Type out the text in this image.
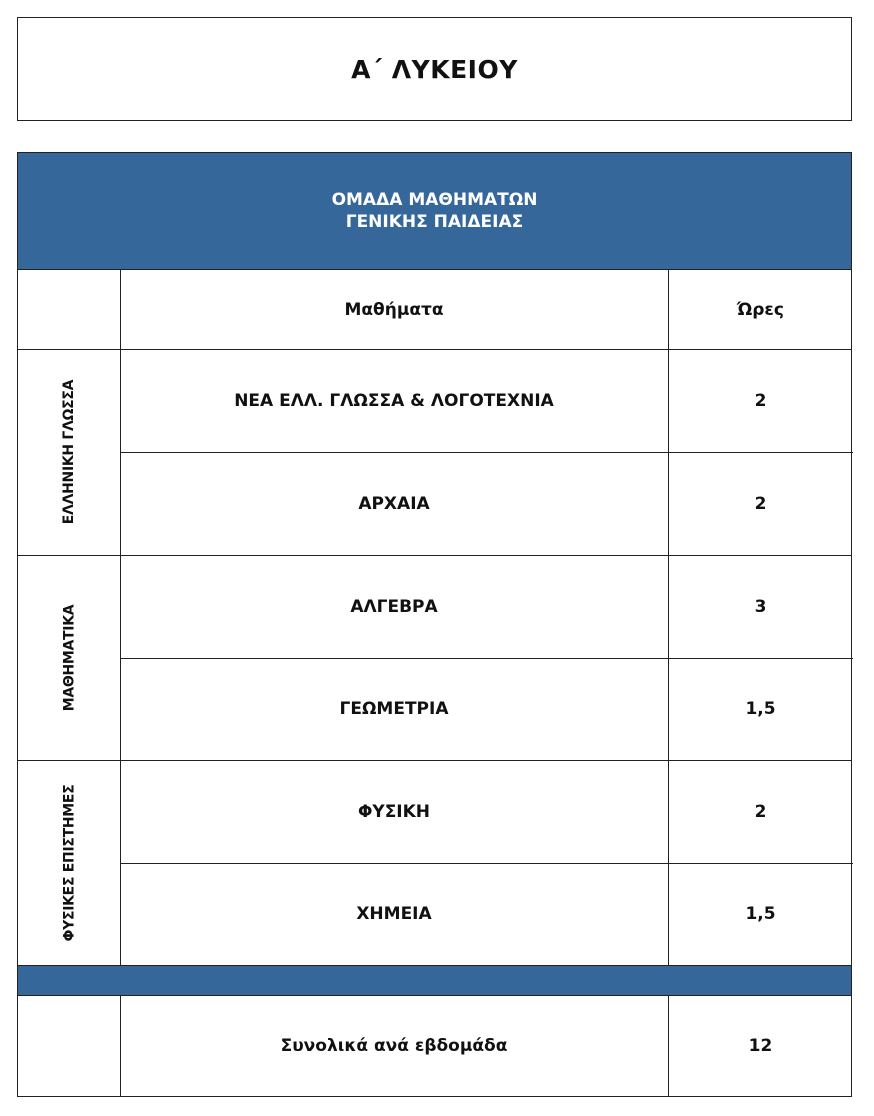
Α΄ ΛΥΚΕΙΟΥ
ΟΜΑΔΑ ΜΑΘΗΜΑΤΩΝ
ΓΕΝΙΚΗΣ ΠΑΙΔΕΙΑΣ
Μαθήματα	Ώρες
ΕΛΛΗΝΙΚΗ ΓΛΩΣΣΑ	ΝΕΑ ΕΛΛ. ΓΛΩΣΣΑ & ΛΟΓΟΤΕΧΝΙΑ	2
ΑΡΧΑΙΑ	2
ΜΑΘΗΜΑΤΙΚΑ	ΑΛΓΕΒΡΑ	3
ΓΕΩΜΕΤΡΙΑ	1,5
ΦΥΣΙΚΕΣ ΕΠΙΣΤΗΜΕΣ	ΦΥΣΙΚΗ	2
ΧΗΜΕΙΑ	1,5
Συνολικά ανά εβδομάδα	12
